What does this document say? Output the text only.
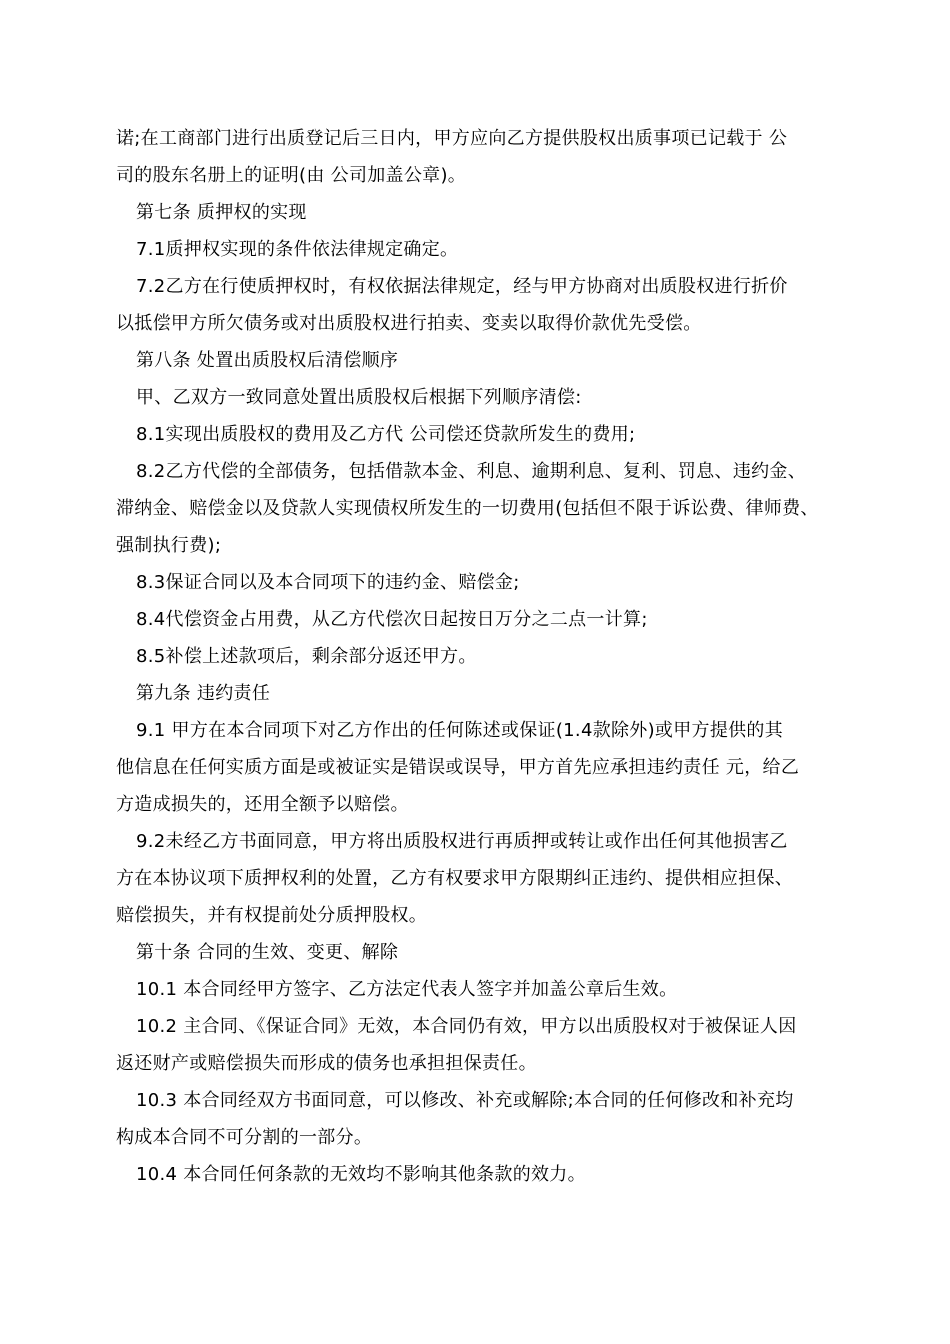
诺;在工商部门进行出质登记后三日内，甲方应向乙方提供股权出质事项已记载于 公
司的股东名册上的证明(由 公司加盖公章)。
第七条 质押权的实现
7.1质押权实现的条件依法律规定确定。
7.2乙方在行使质押权时，有权依据法律规定，经与甲方协商对出质股权进行折价
以抵偿甲方所欠债务或对出质股权进行拍卖、变卖以取得价款优先受偿。
第八条 处置出质股权后清偿顺序
甲、乙双方一致同意处置出质股权后根据下列顺序清偿:
8.1实现出质股权的费用及乙方代 公司偿还贷款所发生的费用;
8.2乙方代偿的全部债务，包括借款本金、利息、逾期利息、复利、罚息、违约金、
滞纳金、赔偿金以及贷款人实现债权所发生的一切费用(包括但不限于诉讼费、律师费、
强制执行费);
8.3保证合同以及本合同项下的违约金、赔偿金;
8.4代偿资金占用费，从乙方代偿次日起按日万分之二点一计算;
8.5补偿上述款项后，剩余部分返还甲方。
第九条 违约责任
9.1 甲方在本合同项下对乙方作出的任何陈述或保证(1.4款除外)或甲方提供的其
他信息在任何实质方面是或被证实是错误或误导，甲方首先应承担违约责任 元，给乙
方造成损失的，还用全额予以赔偿。
9.2未经乙方书面同意，甲方将出质股权进行再质押或转让或作出任何其他损害乙
方在本协议项下质押权利的处置，乙方有权要求甲方限期纠正违约、提供相应担保、
赔偿损失，并有权提前处分质押股权。
第十条 合同的生效、变更、解除
10.1 本合同经甲方签字、乙方法定代表人签字并加盖公章后生效。
10.2 主合同、《保证合同》无效，本合同仍有效，甲方以出质股权对于被保证人因
返还财产或赔偿损失而形成的债务也承担担保责任。
10.3 本合同经双方书面同意，可以修改、补充或解除;本合同的任何修改和补充均
构成本合同不可分割的一部分。
10.4 本合同任何条款的无效均不影响其他条款的效力。
